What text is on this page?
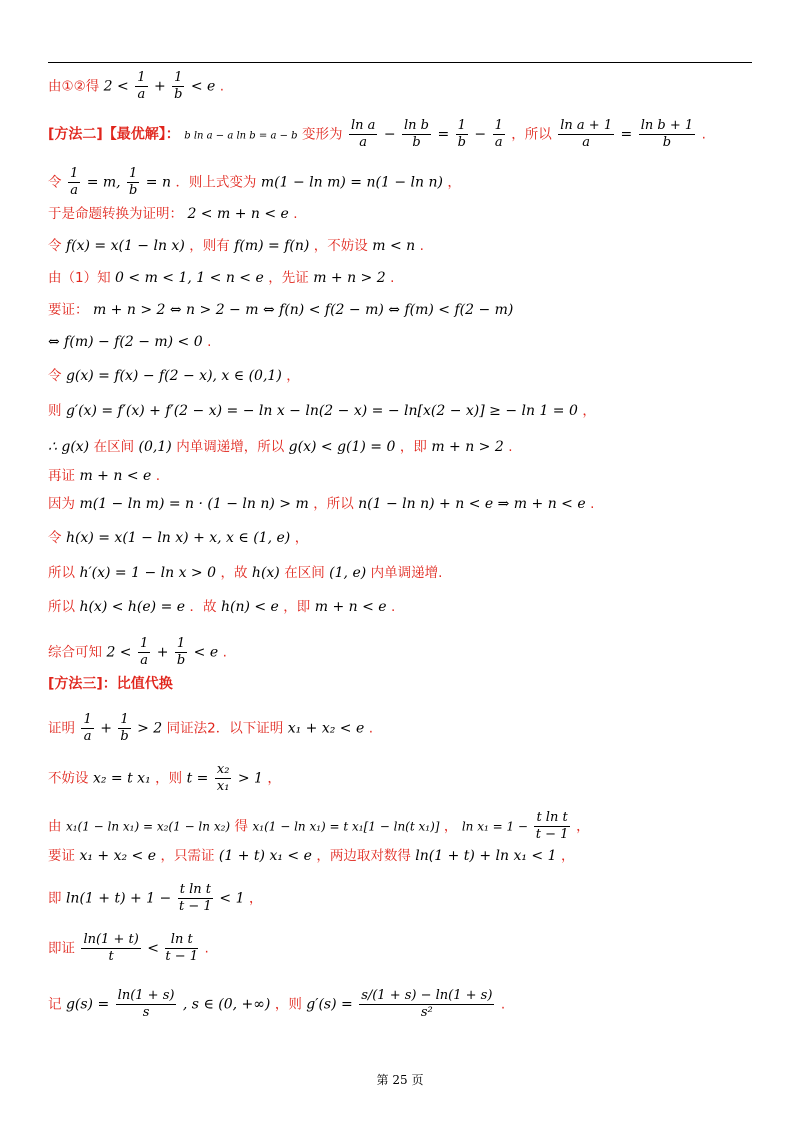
由①②得 $2 < \frac{1}{a} + \frac{1}{b} < e$ .
[方法二]【最优解】： b ln a − a ln b = a − b 变形为 $\frac{\text{ln a}}{a} - \frac{\text{ln b}}{b} = \frac{1}{b} - \frac{1}{a}$ ，所以 $\frac{\text{ln a + 1}}{a} = \frac{\text{ln b + 1}}{b}$ .
令 $\frac{1}{a} = m$, $\frac{1}{b} = n$ ．则上式变为 m(1 − ln m) = n(1 − ln n) ，
于是命题转换为证明： 2 < m + n < e .
令 f(x) = x(1 − ln x) ，则有 f(m) = f(n) ，不妨设 m < n .
由（1）知 0 < m < 1, 1 < n < e ，先证 m + n > 2 .
要证： m + n > 2 ⇔ n > 2 − m ⇔ f(n) < f(2 − m) ⇔ f(m) < f(2 − m)
⇔ f(m) − f(2 − m) < 0 .
令 g(x) = f(x) − f(2 − x), x ∈ (0,1) ，
则 g′(x) = f′(x) + f′(2 − x) = − ln x − ln(2 − x) = − ln[x(2 − x)] ≥ − ln 1 = 0 ，
∴ g(x) 在区间 (0,1) 内单调递增，所以 g(x) < g(1) = 0 ，即 m + n > 2 .
再证 m + n < e .
因为 m(1 − ln m) = n · (1 − ln n) > m ，所以 n(1 − ln n) + n < e ⇒ m + n < e .
令 h(x) = x(1 − ln x) + x, x ∈ (1, e) ，
所以 h′(x) = 1 − ln x > 0 ，故 h(x) 在区间 (1, e) 内单调递增.
所以 h(x) < h(e) = e ．故 h(n) < e ，即 m + n < e .
综合可知 $2 < \frac{1}{a} + \frac{1}{b} < e$ .
[方法三]：比值代换
证明 $\frac{1}{a} + \frac{1}{b} > 2$ 同证法2．以下证明 x₁ + x₂ < e .
不妨设 x₂ = t x₁ ，则 $t = \frac{\text{x₂}}{\text{x₁}} > 1$ ，
由 x₁(1 − ln x₁) = x₂(1 − ln x₂) 得 x₁(1 − ln x₁) = t x₁[1 − ln(t x₁)] ， $\ln x_1 = 1 - \frac{\text{t ln t}}{t - 1}$ ，
要证 x₁ + x₂ < e ，只需证 (1 + t) x₁ < e ，两边取对数得 ln(1 + t) + ln x₁ < 1 ，
即 $\ln(1 + t) + 1 - \frac{\text{t ln t}}{t - 1} < 1$ ，
即证 $\frac{\ln(1 + t)}{t} < \frac{\text{ln t}}{t - 1}$ .
记 $g(s) = \frac{\ln(1 + s)}{s}$ , s ∈ (0, +∞) ，则 $g'(s) = \frac{s/(1 + s) - \ln(1 + s)}{\text{s²}}$ .
第 25 页
